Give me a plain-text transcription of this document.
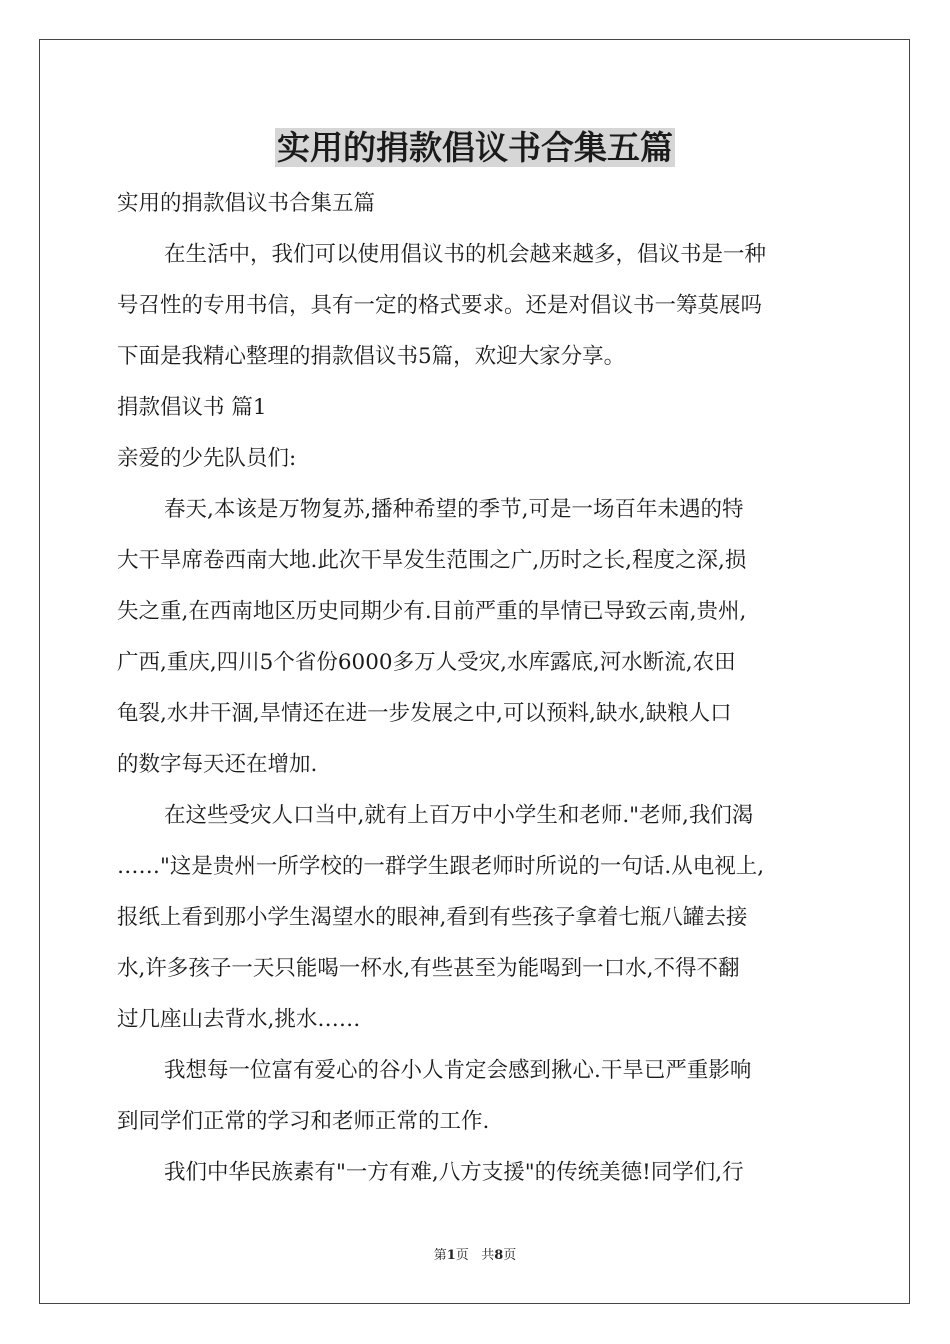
实用的捐款倡议书合集五篇
实用的捐款倡议书合集五篇
在生活中，我们可以使用倡议书的机会越来越多，倡议书是一种
号召性的专用书信，具有一定的格式要求。还是对倡议书一筹莫展吗
下面是我精心整理的捐款倡议书5篇，欢迎大家分享。
捐款倡议书 篇1
亲爱的少先队员们:
春天,本该是万物复苏,播种希望的季节,可是一场百年未遇的特
大干旱席卷西南大地.此次干旱发生范围之广,历时之长,程度之深,损
失之重,在西南地区历史同期少有.目前严重的旱情已导致云南,贵州,
广西,重庆,四川5个省份6000多万人受灾,水库露底,河水断流,农田
龟裂,水井干涸,旱情还在进一步发展之中,可以预料,缺水,缺粮人口
的数字每天还在增加.
在这些受灾人口当中,就有上百万中小学生和老师."老师,我们渴
……"这是贵州一所学校的一群学生跟老师时所说的一句话.从电视上,
报纸上看到那小学生渴望水的眼神,看到有些孩子拿着七瓶八罐去接
水,许多孩子一天只能喝一杯水,有些甚至为能喝到一口水,不得不翻
过几座山去背水,挑水……
我想每一位富有爱心的谷小人肯定会感到揪心.干旱已严重影响
到同学们正常的学习和老师正常的工作.
我们中华民族素有"一方有难,八方支援"的传统美德!同学们,行
第1页   共8页
